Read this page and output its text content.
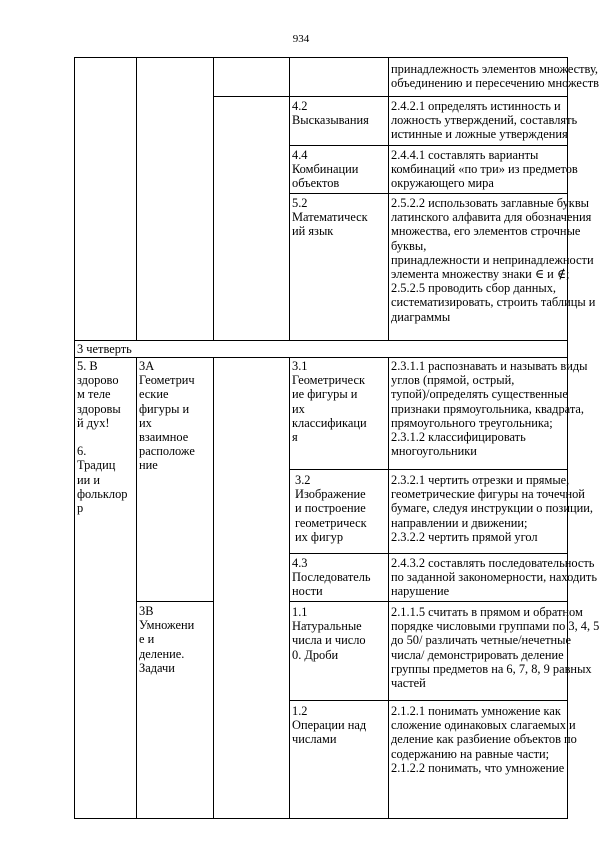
934
принадлежность элементов множеству,
объединению и пересечению множеств
4.2
Высказывания
2.4.2.1 определять истинность и
ложность утверждений, составлять
истинные и ложные утверждения
4.4
Комбинации
объектов
2.4.4.1 составлять варианты
комбинаций «по три» из предметов
окружающего мира
5.2
Математическ
ий язык
2.5.2.2 использовать заглавные буквы
латинского алфавита для обозначения
множества, его элементов строчные
буквы,
принадлежности и непринадлежности
элемента множеству знаки ∈ и ∉;
2.5.2.5 проводить сбор данных,
систематизировать, строить таблицы и
диаграммы
3 четверть
5. В
здорово
м теле
здоровы
й дух!

6.
Традиц
ии и
фольклор
р
3А
Геометрич
еские
фигуры и
их
взаимное
расположе
ние
3В
Умножени
е и
деление.
Задачи
3.1
Геометрическ
ие фигуры и
их
классификаци
я
2.3.1.1 распознавать и называть виды
углов (прямой, острый,
тупой)/определять существенные
признаки прямоугольника, квадрата,
прямоугольного треугольника;
2.3.1.2 классифицировать
многоугольники
3.2
Изображение
и построение
геометрическ
их фигур
2.3.2.1 чертить отрезки и прямые,
геометрические фигуры на точечной
бумаге, следуя инструкции о позиции,
направлении и движении;
2.3.2.2 чертить прямой угол
4.3
Последователь
ности
2.4.3.2 составлять последовательность
по заданной закономерности, находить
нарушение
1.1
Натуральные
числа и число
0. Дроби
2.1.1.5 считать в прямом и обратном
порядке числовыми группами по 3, 4, 5
до 50/ различать четные/нечетные
числа/ демонстрировать деление
группы предметов на 6, 7, 8, 9 равных
частей
1.2
Операции над
числами
2.1.2.1 понимать умножение как
сложение одинаковых слагаемых и
деление как разбиение объектов по
содержанию на равные части;
2.1.2.2 понимать, что умножение
